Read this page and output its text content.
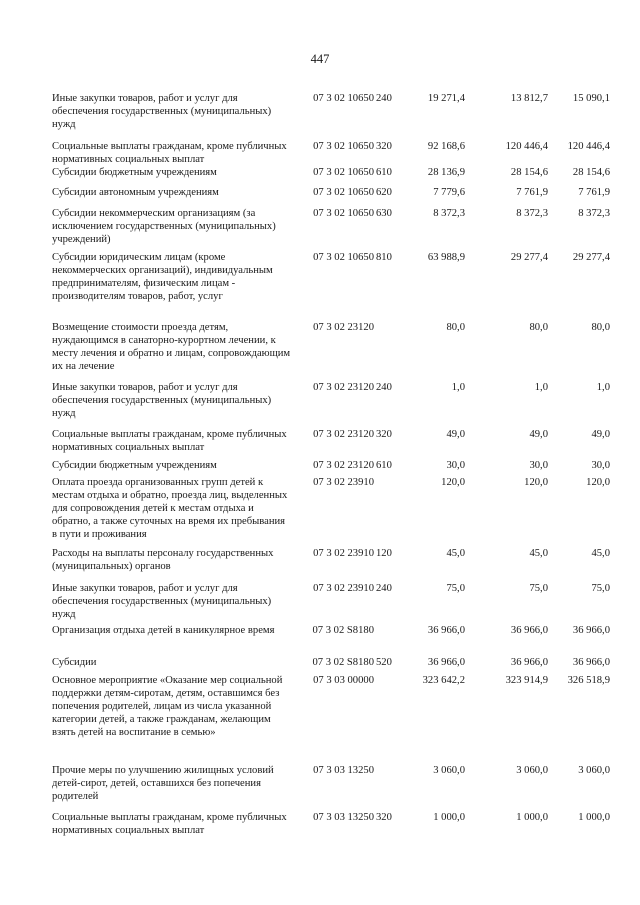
447
Иные закупки товаров, работ и услуг для обеспечения государственных (муниципальных) нужд
07 3 02 10650 240	19 271,4	13 812,7	15 090,1
Социальные выплаты гражданам, кроме публичных нормативных социальных выплат
07 3 02 10650 320	92 168,6	120 446,4	120 446,4
Субсидии бюджетным учреждениям	07 3 02 10650 610	28 136,9	28 154,6	28 154,6
Субсидии автономным учреждениям	07 3 02 10650 620	7 779,6	7 761,9	7 761,9
Субсидии некоммерческим организациям (за исключением государственных (муниципальных) учреждений)
07 3 02 10650 630	8 372,3	8 372,3	8 372,3
Субсидии юридическим лицам (кроме некоммерческих организаций), индивидуальным предпринимателям, физическим лицам - производителям товаров, работ, услуг
07 3 02 10650 810	63 988,9	29 277,4	29 277,4
Возмещение стоимости проезда детям, нуждающимся в санаторно-курортном лечении, к месту лечения и обратно и лицам, сопровождающим их на лечение
07 3 02 23120	80,0	80,0	80,0
Иные закупки товаров, работ и услуг для обеспечения государственных (муниципальных) нужд
07 3 02 23120 240	1,0	1,0	1,0
Социальные выплаты гражданам, кроме публичных нормативных социальных выплат
07 3 02 23120 320	49,0	49,0	49,0
Субсидии бюджетным учреждениям	07 3 02 23120 610	30,0	30,0	30,0
Оплата проезда организованных групп детей к местам отдыха и обратно, проезда лиц, выделенных для сопровождения детей к местам отдыха и обратно, а также суточных на время их пребывания в пути и проживания
07 3 02 23910	120,0	120,0	120,0
Расходы на выплаты персоналу государственных (муниципальных) органов
07 3 02 23910 120	45,0	45,0	45,0
Иные закупки товаров, работ и услуг для обеспечения государственных (муниципальных) нужд
07 3 02 23910 240	75,0	75,0	75,0
Организация отдыха детей в каникулярное время	07 3 02 S8180	36 966,0	36 966,0	36 966,0
Субсидии	07 3 02 S8180 520	36 966,0	36 966,0	36 966,0
Основное мероприятие «Оказание мер социальной поддержки детям-сиротам, детям, оставшимся без попечения родителей, лицам из числа указанной категории детей, а также гражданам, желающим взять детей на воспитание в семью»
07 3 03 00000	323 642,2	323 914,9	326 518,9
Прочие меры по улучшению жилищных условий детей-сирот, детей, оставшихся без попечения родителей
07 3 03 13250	3 060,0	3 060,0	3 060,0
Социальные выплаты гражданам, кроме публичных нормативных социальных выплат
07 3 03 13250 320	1 000,0	1 000,0	1 000,0
